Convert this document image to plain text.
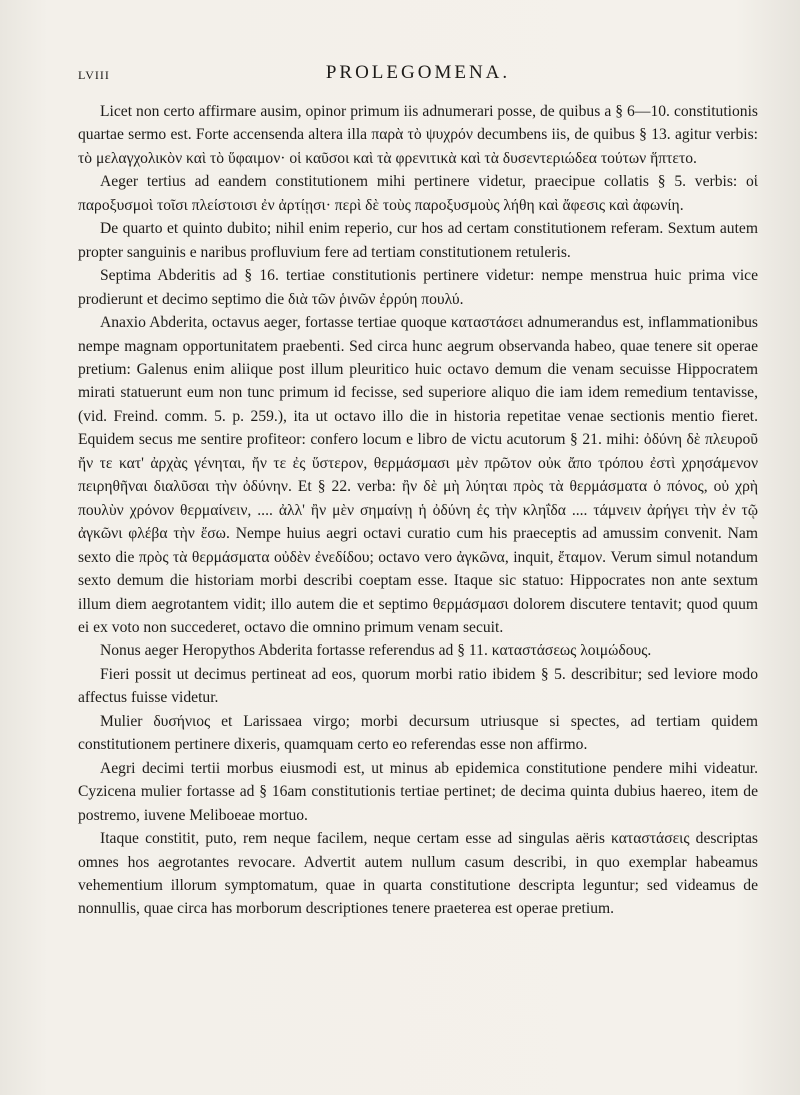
LVIII	PROLEGOMENA.

Licet non certo affirmare ausim, opinor primum iis adnumerari posse, de quibus a § 6—10. constitutionis quartae sermo est. Forte accensenda altera illa παρὰ τὸ ψυχρόν decumbens iis, de quibus § 13. agitur verbis: τὸ μελαγχολικὸν καὶ τὸ ὕφαιμον· οἱ καῦσοι καὶ τὰ φρενιτικὰ καὶ τὰ δυσεντεριώδεα τούτων ἥπτετο.

Aeger tertius ad eandem constitutionem mihi pertinere videtur, praecipue collatis § 5. verbis: οἱ παροξυσμοὶ τοῖσι πλείστοισι ἐν ἀρτίῃσι· περὶ δὲ τοὺς παροξυσμοὺς λήθη καὶ ἄφεσις καὶ ἀφωνίη.

De quarto et quinto dubito; nihil enim reperio, cur hos ad certam constitutionem referam. Sextum autem propter sanguinis e naribus profluvium fere ad tertiam constitutionem retuleris.

Septima Abderitis ad § 16. tertiae constitutionis pertinere videtur: nempe menstrua huic prima vice prodierunt et decimo septimo die διὰ τῶν ῥινῶν ἐρρύη πουλύ.

Anaxio Abderita, octavus aeger, fortasse tertiae quoque καταστάσει adnumerandus est, inflammationibus nempe magnam opportunitatem praebenti. Sed circa hunc aegrum observanda habeo, quae tenere sit operae pretium: Galenus enim aliique post illum pleuritico huic octavo demum die venam secuisse Hippocratem mirati statuerunt eum non tunc primum id fecisse, sed superiore aliquo die iam idem remedium tentavisse, (vid. Freind. comm. 5. p. 259.), ita ut octavo illo die in historia repetitae venae sectionis mentio fieret. Equidem secus me sentire profiteor: confero locum e libro de victu acutorum § 21. mihi: ὀδύνη δὲ πλευροῦ ἤν τε κατ' ἀρχὰς γένηται, ἤν τε ἐς ὕστερον, θερμάσμασι μὲν πρῶτον οὐκ ἄπο τρόπου ἐστὶ χρησάμενον πειρηθῆναι διαλῦσαι τὴν ὀδύνην. Et § 22. verba: ἢν δὲ μὴ λύηται πρὸς τὰ θερμάσματα ὁ πόνος, οὐ χρὴ πουλὺν χρόνον θερμαίνειν, .... ἀλλ' ἢν μὲν σημαίνῃ ἡ ὀδύνη ἐς τὴν κληΐδα .... τάμνειν ἀρήγει τὴν ἐν τῷ ἀγκῶνι φλέβα τὴν ἔσω. Nempe huius aegri octavi curatio cum his praeceptis ad amussim convenit. Nam sexto die πρὸς τὰ θερμάσματα οὐδὲν ἐνεδίδου; octavo vero ἀγκῶνα, inquit, ἔταμον. Verum simul notandum sexto demum die historiam morbi describi coeptam esse. Itaque sic statuo: Hippocrates non ante sextum illum diem aegrotantem vidit; illo autem die et septimo θερμάσμασι dolorem discutere tentavit; quod quum ei ex voto non succederet, octavo die omnino primum venam secuit.

Nonus aeger Heropythos Abderita fortasse referendus ad § 11. καταστάσεως λοιμώδους.

Fieri possit ut decimus pertineat ad eos, quorum morbi ratio ibidem § 5. describitur; sed leviore modo affectus fuisse videtur.

Mulier δυσήνιος et Larissaea virgo; morbi decursum utriusque si spectes, ad tertiam quidem constitutionem pertinere dixeris, quamquam certo eo referendas esse non affirmo.

Aegri decimi tertii morbus eiusmodi est, ut minus ab epidemica constitutione pendere mihi videatur. Cyzicena mulier fortasse ad § 16am constitutionis tertiae pertinet; de decima quinta dubius haereo, item de postremo, iuvene Meliboeae mortuo.

Itaque constitit, puto, rem neque facilem, neque certam esse ad singulas aëris καταστάσεις descriptas omnes hos aegrotantes revocare. Advertit autem nullum casum describi, in quo exemplar habeamus vehementium illorum symptomatum, quae in quarta constitutione descripta leguntur; sed videamus de nonnullis, quae circa has morborum descriptiones tenere praeterea est operae pretium.
